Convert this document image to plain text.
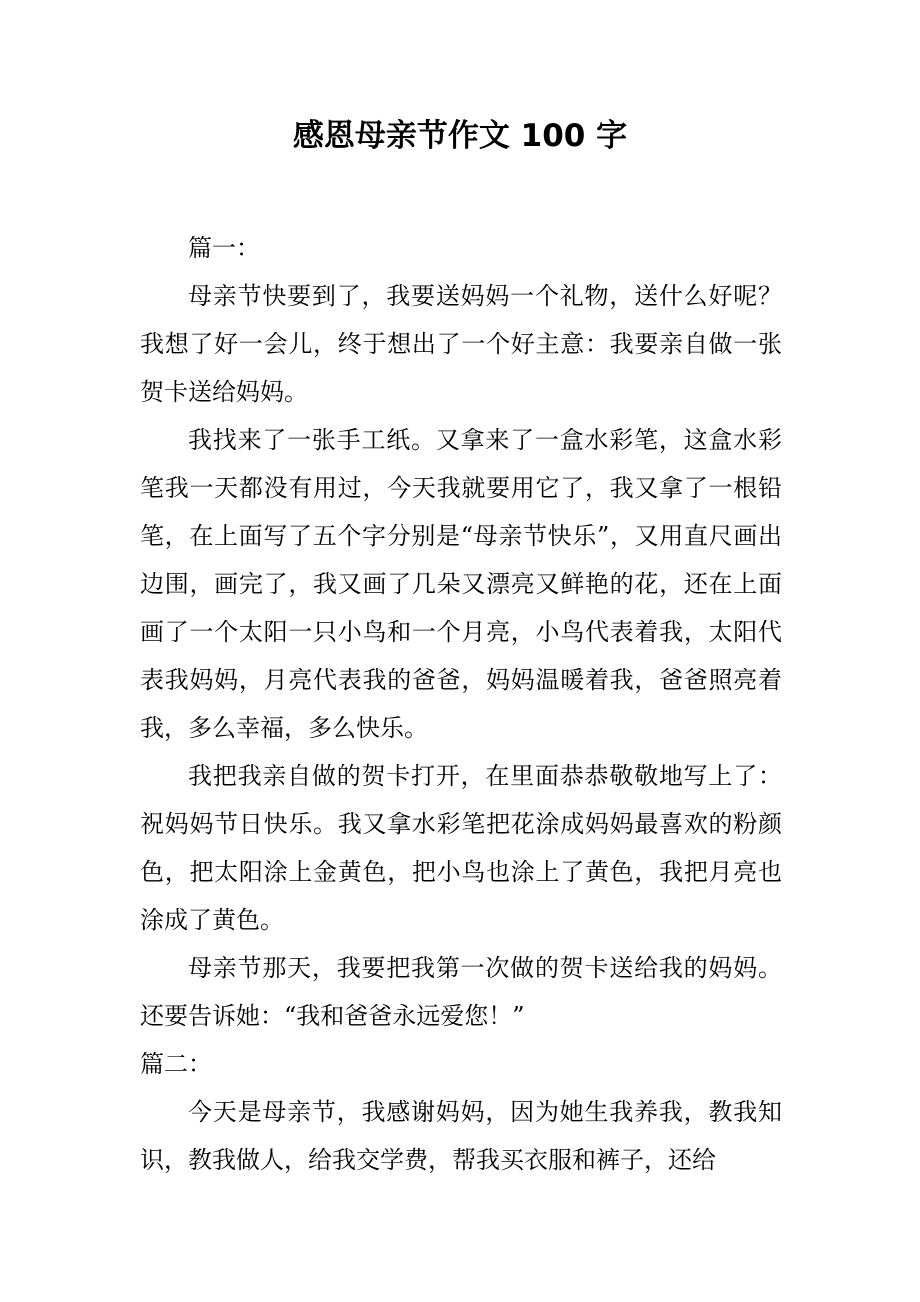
感恩母亲节作文 100 字

篇一：

母亲节快要到了，我要送妈妈一个礼物，送什么好呢？我想了好一会儿，终于想出了一个好主意：我要亲自做一张贺卡送给妈妈。

我找来了一张手工纸。又拿来了一盒水彩笔，这盒水彩笔我一天都没有用过，今天我就要用它了，我又拿了一根铅笔，在上面写了五个字分别是“母亲节快乐”，又用直尺画出边围，画完了，我又画了几朵又漂亮又鲜艳的花，还在上面画了一个太阳一只小鸟和一个月亮，小鸟代表着我，太阳代表我妈妈，月亮代表我的爸爸，妈妈温暖着我，爸爸照亮着我，多么幸福，多么快乐。

我把我亲自做的贺卡打开，在里面恭恭敬敬地写上了：祝妈妈节日快乐。我又拿水彩笔把花涂成妈妈最喜欢的粉颜色，把太阳涂上金黄色，把小鸟也涂上了黄色，我把月亮也涂成了黄色。

母亲节那天，我要把我第一次做的贺卡送给我的妈妈。还要告诉她：“我和爸爸永远爱您！”

篇二：

今天是母亲节，我感谢妈妈，因为她生我养我，教我知识，教我做人，给我交学费，帮我买衣服和裤子，还给
